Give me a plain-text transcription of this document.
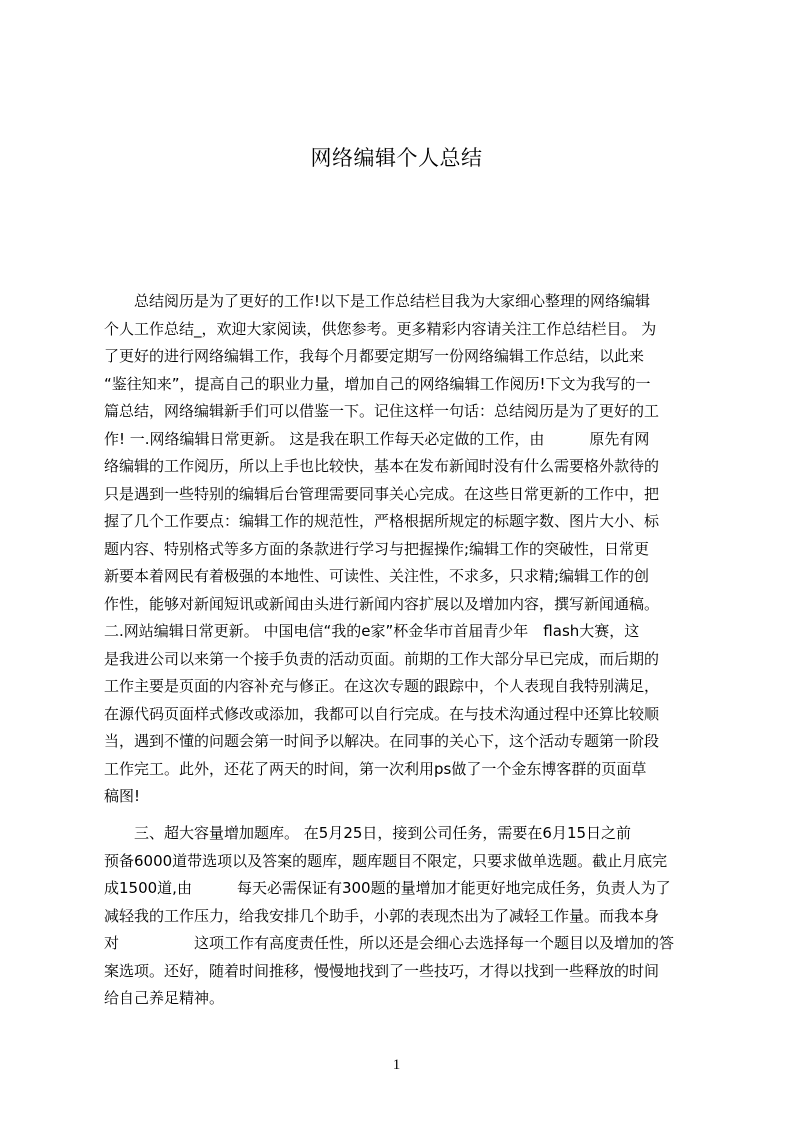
网络编辑个人总结
　　总结阅历是为了更好的工作!以下是工作总结栏目我为大家细心整理的网络编辑
个人工作总结_，欢迎大家阅读，供您参考。更多精彩内容请关注工作总结栏目。 为
了更好的进行网络编辑工作，我每个月都要定期写一份网络编辑工作总结，以此来
“鉴往知来”，提高自己的职业力量，增加自己的网络编辑工作阅历!下文为我写的一
篇总结，网络编辑新手们可以借鉴一下。记住这样一句话：总结阅历是为了更好的工
作! 一.网络编辑日常更新。 这是我在职工作每天必定做的工作，由　　　原先有网
络编辑的工作阅历，所以上手也比较快，基本在发布新闻时没有什么需要格外款待的
只是遇到一些特别的编辑后台管理需要同事关心完成。在这些日常更新的工作中，把
握了几个工作要点：编辑工作的规范性，严格根据所规定的标题字数、图片大小、标
题内容、特别格式等多方面的条款进行学习与把握操作;编辑工作的突破性，日常更
新要本着网民有着极强的本地性、可读性、关注性，不求多，只求精;编辑工作的创
作性，能够对新闻短讯或新闻由头进行新闻内容扩展以及增加内容，撰写新闻通稿。
二.网站编辑日常更新。 中国电信“我的e家”杯金华市首届青少年　flash大赛，这
是我进公司以来第一个接手负责的活动页面。前期的工作大部分早已完成，而后期的
工作主要是页面的内容补充与修正。在这次专题的跟踪中，个人表现自我特别满足，
在源代码页面样式修改或添加，我都可以自行完成。在与技术沟通过程中还算比较顺
当，遇到不懂的问题会第一时间予以解决。在同事的关心下，这个活动专题第一阶段
工作完工。此外，还花了两天的时间，第一次利用ps做了一个金东博客群的页面草
稿图!
　　三、超大容量增加题库。 在5月25日，接到公司任务，需要在6月15日之前
预备6000道带选项以及答案的题库，题库题目不限定，只要求做单选题。截止月底完
成1500道,由　　　每天必需保证有300题的量增加才能更好地完成任务，负责人为了
减轻我的工作压力，给我安排几个助手，小郭的表现杰出为了减轻工作量。而我本身
对　　　　　这项工作有高度责任性，所以还是会细心去选择每一个题目以及增加的答
案选项。还好，随着时间推移，慢慢地找到了一些技巧，才得以找到一些释放的时间
给自己养足精神。
1
